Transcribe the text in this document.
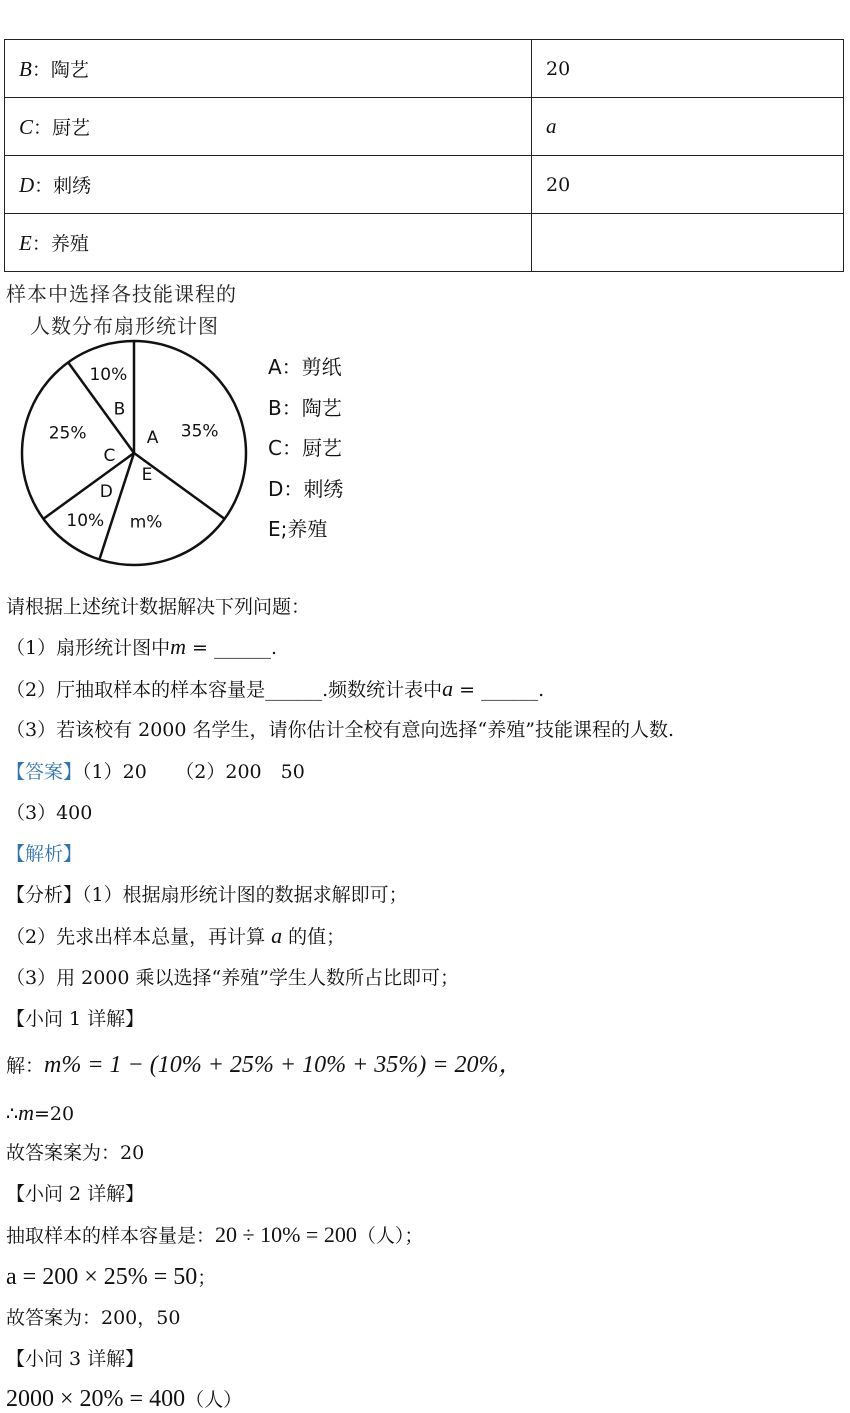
B：陶艺	20
C：厨艺	a
D：刺绣	20
E：养殖	
样本中选择各技能课程的
人数分布扇形统计图
A 35%
E
m%
D
10%
C
25%
B
10%	A：剪纸
B：陶艺
C：厨艺
D：刺绣
E;养殖
请根据上述统计数据解决下列问题：
（1）扇形统计图中m = ______.
（2）厅抽取样本的样本容量是______.频数统计表中a = ______.
（3）若该校有 2000 名学生，请你估计全校有意向选择“养殖”技能课程的人数.
【答案】（1）20　　（2）200　50
（3）400
【解析】
【分析】（1）根据扇形统计图的数据求解即可；
（2）先求出样本总量，再计算 a 的值；
（3）用 2000 乘以选择“养殖”学生人数所占比即可；
【小问 1 详解】
解：m% = 1 − (10% + 25% + 10% + 35%) = 20%，
∴m=20
故答案案为：20
【小问 2 详解】
抽取样本的样本容量是：20 ÷ 10% = 200（人）；
a = 200 × 25% = 50；
故答案为：200，50
【小问 3 详解】
2000 × 20% = 400（人）
